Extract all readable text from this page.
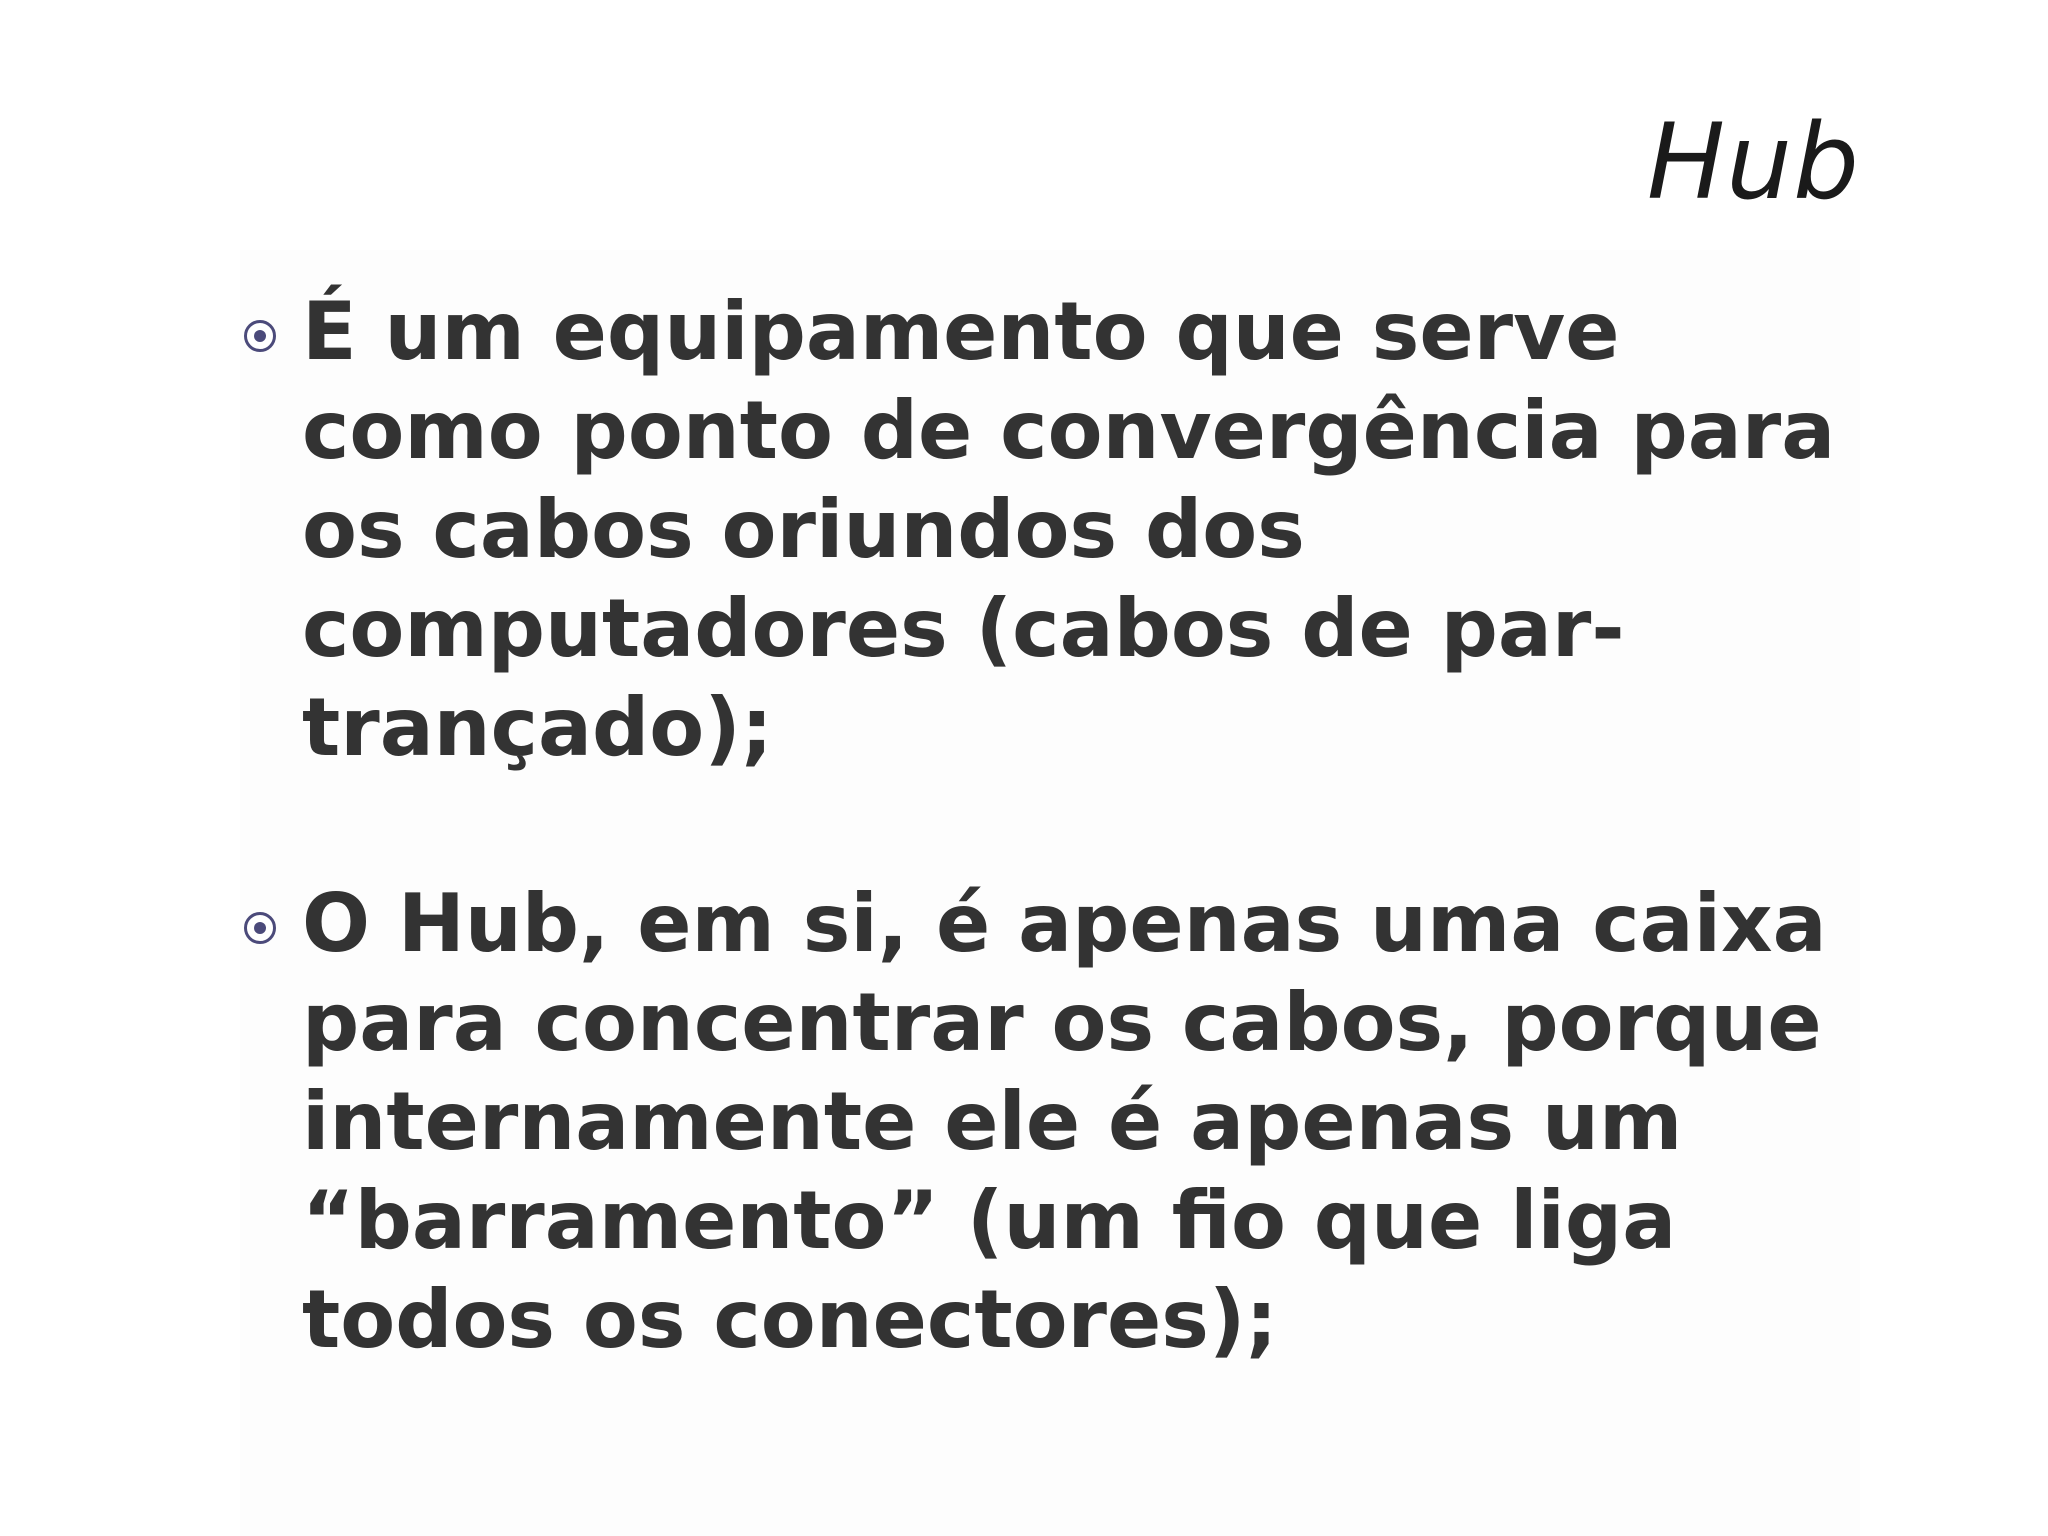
Hub
É um equipamento que serve como ponto de convergência para os cabos oriundos dos computadores (cabos de par-trançado);
O Hub, em si, é apenas uma caixa para concentrar os cabos, porque internamente ele é apenas um “barramento” (um fio que liga todos os conectores);
